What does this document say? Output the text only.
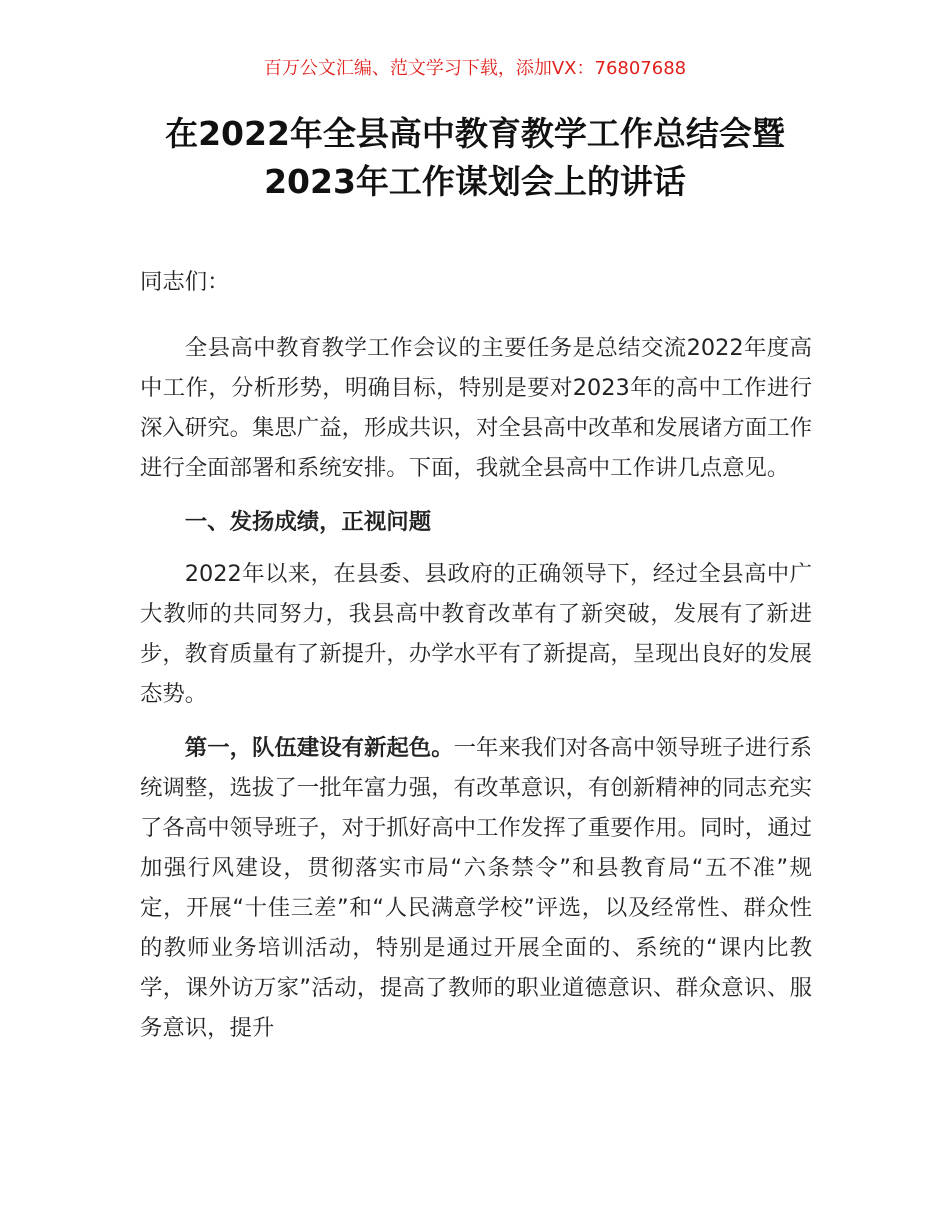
百万公文汇编、范文学习下载，添加VX：76807688
在2022年全县高中教育教学工作总结会暨
2023年工作谋划会上的讲话

同志们：

全县高中教育教学工作会议的主要任务是总结交流2022年度高中工作，分析形势，明确目标，特别是要对2023年的高中工作进行深入研究。集思广益，形成共识，对全县高中改革和发展诸方面工作进行全面部署和系统安排。下面，我就全县高中工作讲几点意见。

一、发扬成绩，正视问题

2022年以来，在县委、县政府的正确领导下，经过全县高中广大教师的共同努力，我县高中教育改革有了新突破，发展有了新进步，教育质量有了新提升，办学水平有了新提高，呈现出良好的发展态势。

第一，队伍建设有新起色。一年来我们对各高中领导班子进行系统调整，选拔了一批年富力强，有改革意识，有创新精神的同志充实了各高中领导班子，对于抓好高中工作发挥了重要作用。同时，通过加强行风建设，贯彻落实市局“六条禁令”和县教育局“五不准”规定，开展“十佳三差”和“人民满意学校”评选，以及经常性、群众性的教师业务培训活动，特别是通过开展全面的、系统的“课内比教学，课外访万家”活动，提高了教师的职业道德意识、群众意识、服务意识，提升
